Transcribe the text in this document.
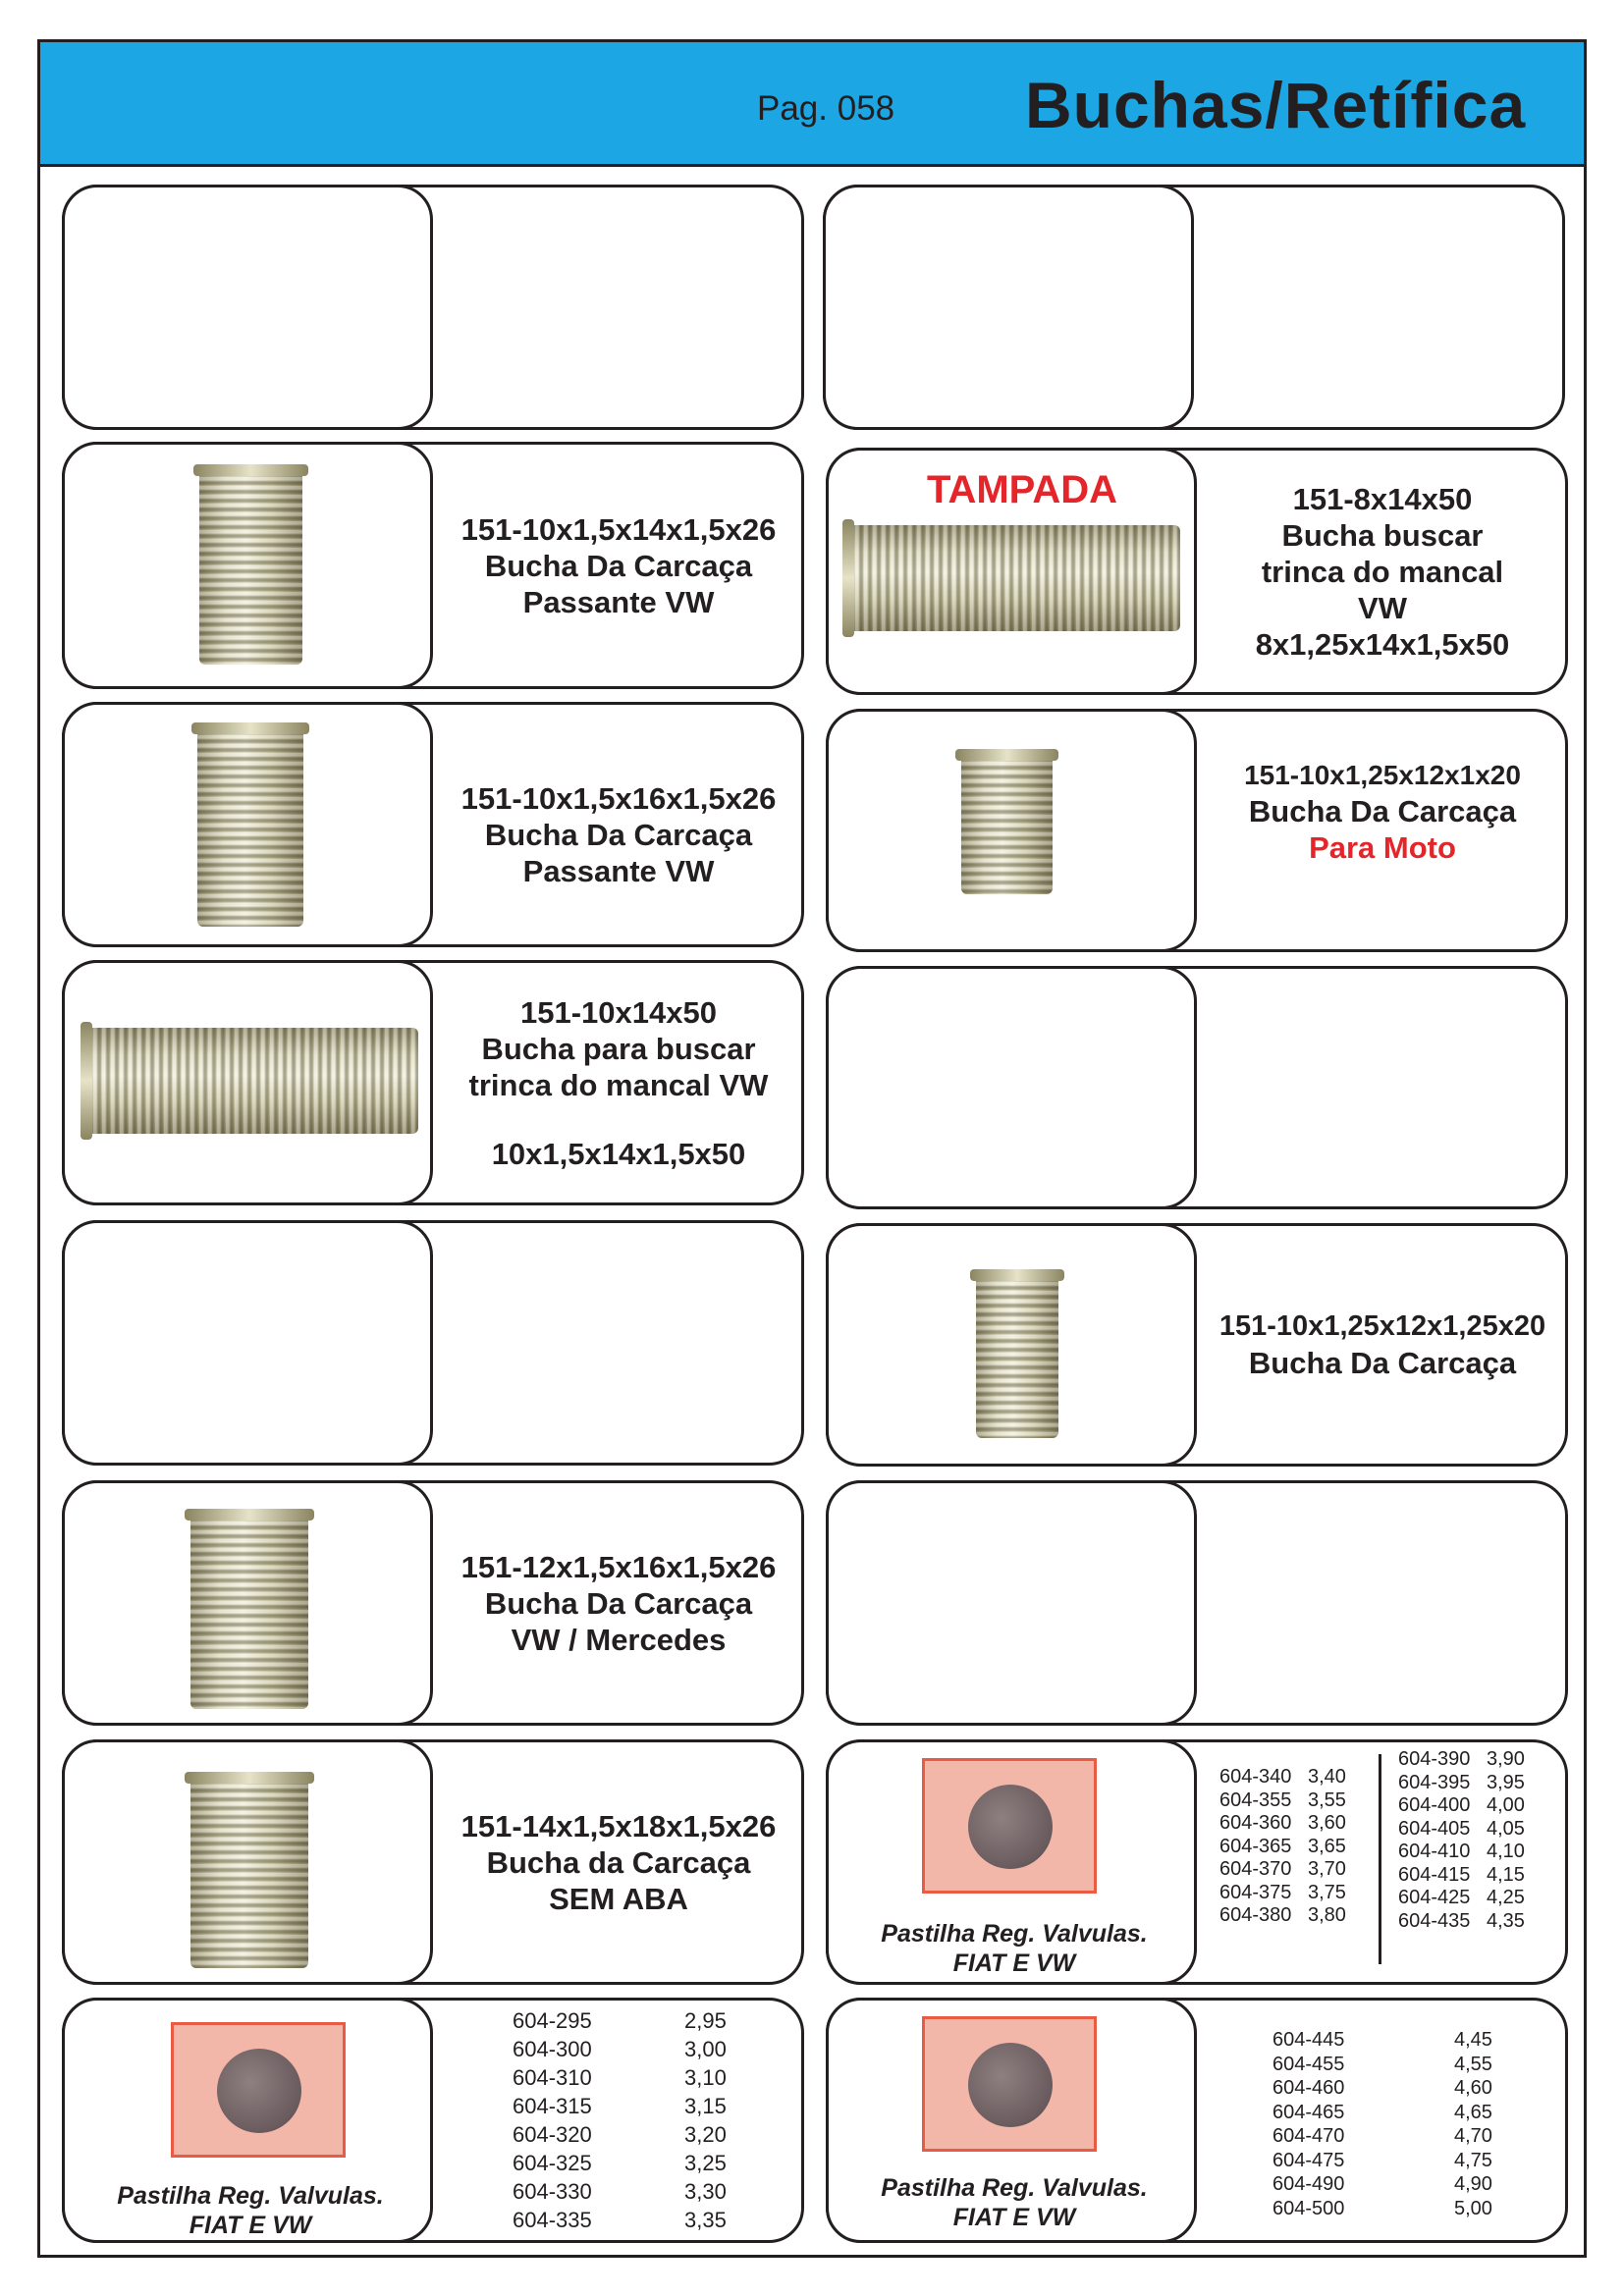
Pag. 058 Buchas/Retífica
151-10x1,5x14x1,5x26
Bucha Da Carcaça
Passante VW
TAMPADA	151-8x14x50
Bucha buscar
trinca do mancal
VW
8x1,25x14x1,5x50
151-10x1,5x16x1,5x26
Bucha Da Carcaça
Passante VW
151-10x1,25x12x1x20
Bucha Da Carcaça
Para Moto
151-10x14x50
Bucha para buscar
trinca do mancal VW
10x1,5x14x1,5x50
151-10x1,25x12x1,25x20
Bucha Da Carcaça
151-12x1,5x16x1,5x26
Bucha Da Carcaça
VW / Mercedes
151-14x1,5x18x1,5x26
Bucha da Carcaça
SEM ABA
Pastilha Reg. Valvulas.
FIAT E VW
604-340 3,40
604-355 3,55
604-360 3,60
604-365 3,65
604-370 3,70
604-375 3,75
604-380 3,80
604-390 3,90
604-395 3,95
604-400 4,00
604-405 4,05
604-410 4,10
604-415 4,15
604-425 4,25
604-435 4,35
Pastilha Reg. Valvulas.
FIAT E VW
604-295	2,95
604-300	3,00
604-310	3,10
604-315	3,15
604-320	3,20
604-325	3,25
604-330	3,30
604-335	3,35
Pastilha Reg. Valvulas.
FIAT E VW
604-445	4,45
604-455	4,55
604-460	4,60
604-465	4,65
604-470	4,70
604-475	4,75
604-490	4,90
604-500	5,00
